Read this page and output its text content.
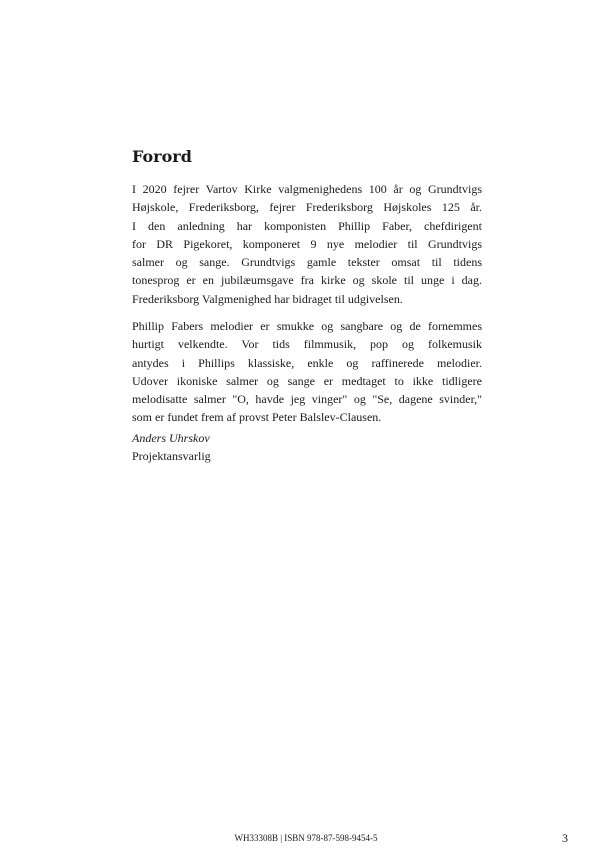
Forord
I 2020 fejrer Vartov Kirke valgmenighedens 100 år og Grundtvigs
Højskole, Frederiksborg, fejrer Frederiksborg Højskoles 125 år.
I den anledning har komponisten Phillip Faber, chefdirigent
for DR Pigekoret, komponeret 9 nye melodier til Grundtvigs
salmer og sange. Grundtvigs gamle tekster omsat til tidens
tonesprog er en jubilæumsgave fra kirke og skole til unge i dag.
Frederiksborg Valgmenighed har bidraget til udgivelsen.
Phillip Fabers melodier er smukke og sangbare og de fornemmes
hurtigt velkendte. Vor tids filmmusik, pop og folkemusik
antydes i Phillips klassiske, enkle og raffinerede melodier.
Udover ikoniske salmer og sange er medtaget to ikke tidligere
melodisatte salmer "O, havde jeg vinger" og "Se, dagene svinder,"
som er fundet frem af provst Peter Balslev-Clausen.

Anders Uhrskov

Projektansvarlig

WH33308B | ISBN 978-87-598-9454-5	3
